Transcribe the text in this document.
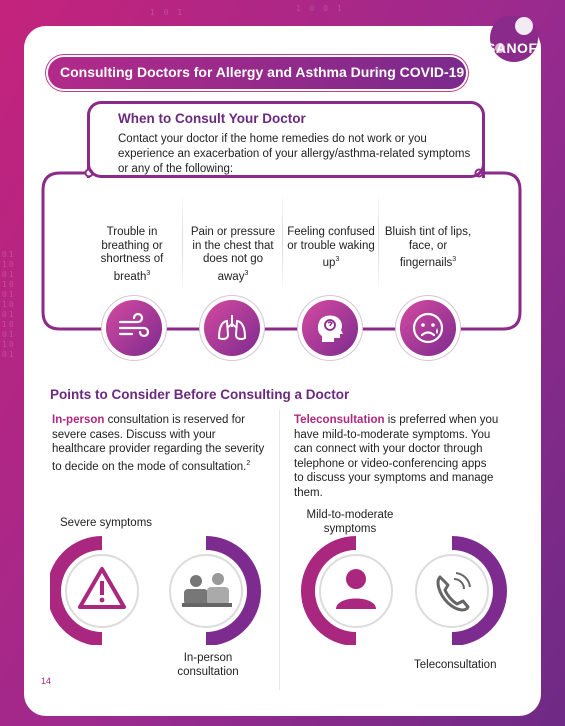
1 0 0 1
1 0 1
01
10
01
10
01
10
01
10
01
10
01
SANOFI
Consulting Doctors for Allergy and Asthma During COVID-19
When to Consult Your Doctor
Contact your doctor if the home remedies do not work or you experience an exacerbation of your allergy/asthma-related symptoms or any of the following:
Trouble in breathing or shortness of breath$^3$
Pain or pressure in the chest that does not go away$^3$
Feeling confused or trouble waking $up^3$
Bluish tint of lips, face, or fingernails$^3$
Points to Consider Before Consulting a Doctor
In-person consultation is reserved for severe cases. Discuss with your healthcare provider regarding the severity to decide on the mode of consultation.$^2$
Teleconsultation is preferred when you have mild-to-moderate symptoms. You can connect with your doctor through telephone or video-conferencing apps to discuss your symptoms and manage them.
Severe symptoms
In-person consultation
Mild-to-moderate symptoms
Teleconsultation
14
